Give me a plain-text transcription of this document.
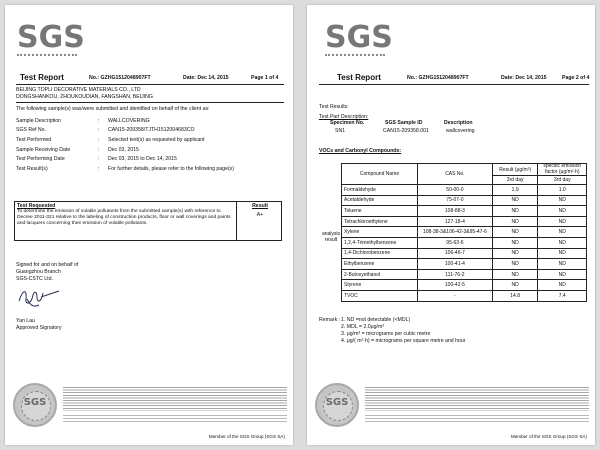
SGS
Test Report	No.: GZHG1512048907FT	Date: Dec 14, 2015	Page 1 of 4
BEIJING TOPLI DECORATIVE MATERIALS CO., LTD
DONGSHANKOU, ZHOUKOUDIAN, FANGSHAN, BEIJING
The following sample(s) was/were submitted and identified on behalf of the client as:
Sample Description	:	WALLCOVERING
SGS Ref No.	:	CAN15-209358/TJTH1512004683CO
Test Performed	:	Selected test(s) as requested by applicant
Sample Receiving Date	:	Dec 03, 2015
Test Performing Date	:	Dec 03, 2015 to Dec 14, 2015
Test Result(s)	:	For further details, please refer to the following page(s)
Test Requested
To determine the emission of volatile pollutants from the submitted sample(s) with reference to Decree 2011-321 relative to the labeling of construction products, floor or wall coverings and paints and lacquers concerning their emission of volatile pollutants.
Result
A+
Signed for and on behalf of
Guangzhou Branch
SGS-CSTC Ltd.
Yan Lau
Approved Signatory
SGS
Member of the SGS Group (SGS SA)
SGS
Test Report	No.: GZHG1512048907FT	Date: Dec 14, 2015	Page 2 of 4
Test Results:
Test Part Description:
Specimen No.	SGS Sample ID	Description
SN1	CAN15-209358.001	wallcovering
VOCs and Carbonyl Compounds:
analysis result
Compound Name	CAS No.	Result (μg/m³)	specific emission factor (μg/m²·h)
		3rd day	3rd day
Formaldehyde	50-00-0	1.9	1.0
Acetaldehyde	75-07-0	ND	ND
Toluene	108-88-3	ND	ND
Tetrachloroethylene	127-18-4	ND	ND
Xylene	108-38-3&106-42-3&95-47-6	ND	ND
1,2,4-Trimethylbenzene	95-63-6	ND	ND
1,4-Dichlorobenzene	106-46-7	ND	ND
Ethylbenzene	100-41-4	ND	ND
2-Butoxyethanol	111-76-2	ND	ND
Styrene	100-42-5	ND	ND
TVOC	-	14.8	7.4
Remark : 1. ND =not detectable (<MDL)
2. MDL = 2.0μg/m³
3. μg/m³ = micrograms per cubic metre
4. μg/( m²·h) = micrograms per square metre and hour
SGS
Member of the SGS Group (SGS SA)
